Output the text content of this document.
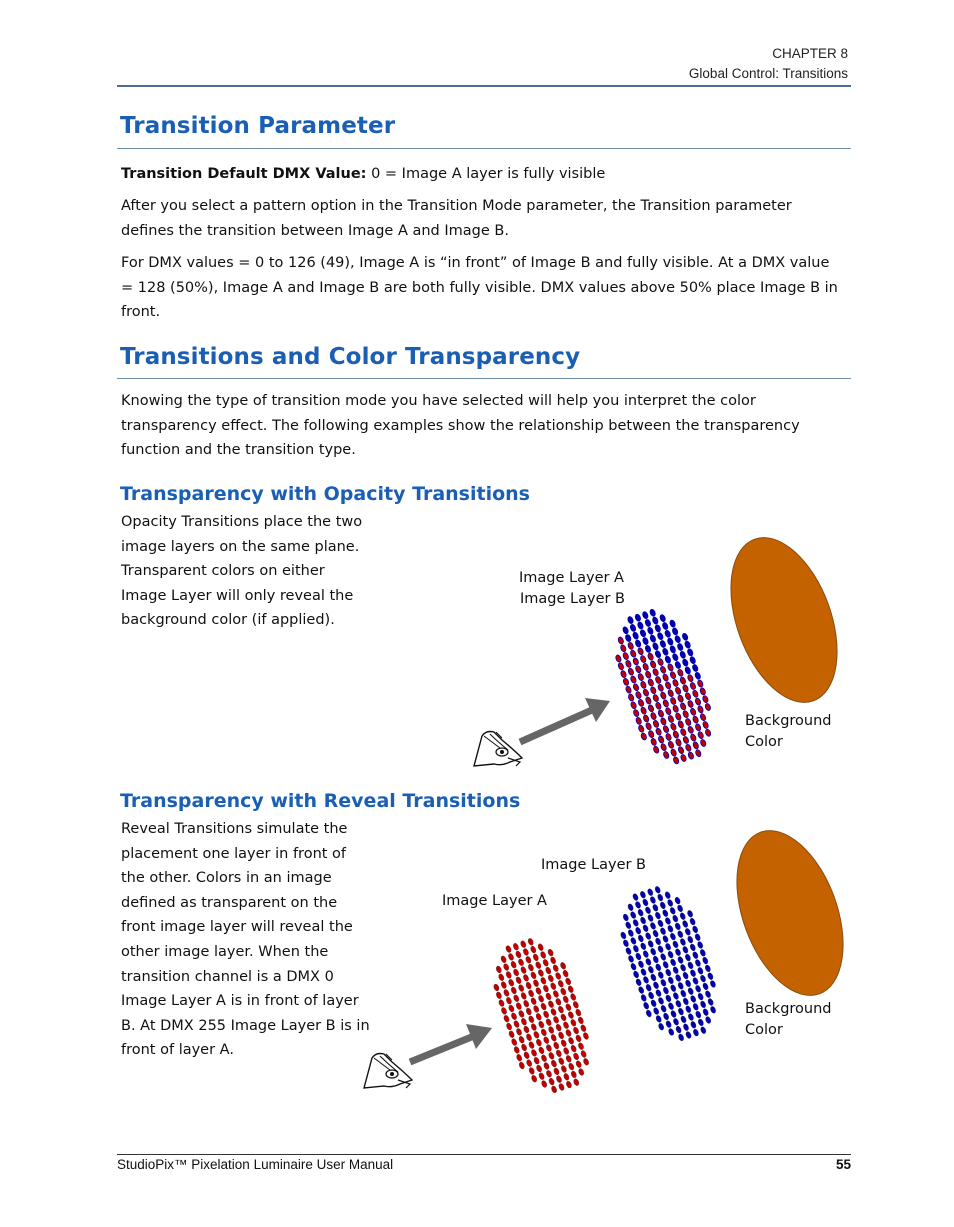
CHAPTER 8
Global Control: Transitions
Transition Parameter
Transition Default DMX Value: 0 = Image A layer is fully visible

After you select a pattern option in the Transition Mode parameter, the Transition parameter defines the transition between Image A and Image B.

For DMX values = 0 to 126 (49), Image A is “in front” of Image B and fully visible. At a DMX value = 128 (50%), Image A and Image B are both fully visible. DMX values above 50% place Image B in front.

Transitions and Color Transparency

Knowing the type of transition mode you have selected will help you interpret the color transparency effect. The following examples show the relationship between the transparency function and the transition type.

Transparency with Opacity Transitions
Opacity Transitions place the two image layers on the same plane. Transparent colors on either Image Layer will only reveal the background color (if applied).
Image Layer A
Image Layer B
Background
Color
Transparency with Reveal Transitions
Reveal Transitions simulate the placement one layer in front of the other. Colors in an image defined as transparent on the front image layer will reveal the other image layer. When the transition channel is a DMX 0 Image Layer A is in front of layer B. At DMX 255 Image Layer B is in front of layer A.
Image Layer B
Image Layer A
Background
Color
StudioPix™ Pixelation Luminaire User Manual	55
